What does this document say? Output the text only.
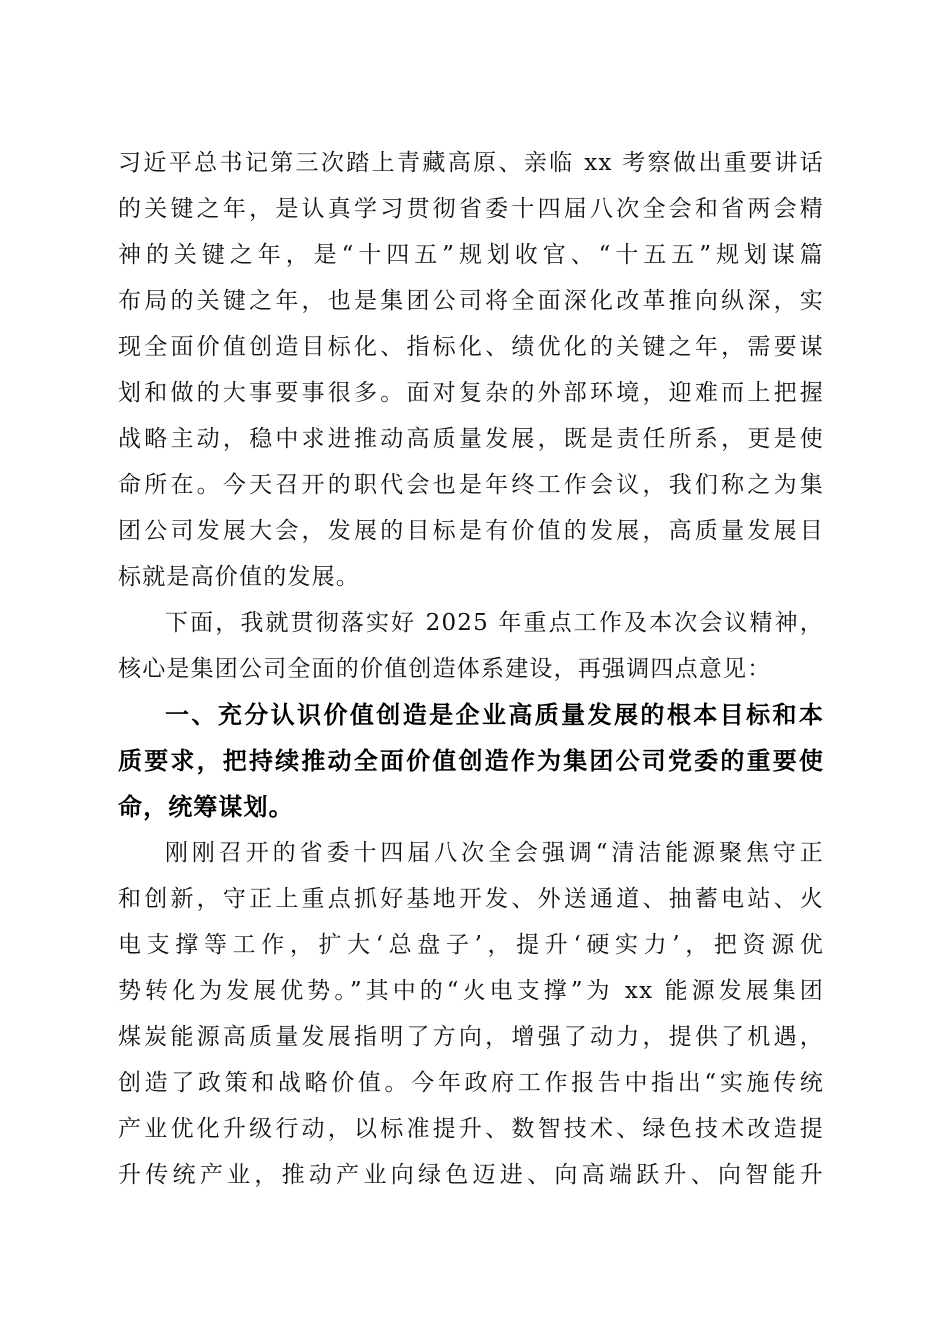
习近平总书记第三次踏上青藏高原、亲临 xx 考察做出重要讲话
的关键之年，是认真学习贯彻省委十四届八次全会和省两会精
神的关键之年，是“十四五”规划收官、“十五五”规划谋篇
布局的关键之年，也是集团公司将全面深化改革推向纵深，实
现全面价值创造目标化、指标化、绩优化的关键之年，需要谋
划和做的大事要事很多。面对复杂的外部环境，迎难而上把握
战略主动，稳中求进推动高质量发展，既是责任所系，更是使
命所在。今天召开的职代会也是年终工作会议，我们称之为集
团公司发展大会，发展的目标是有价值的发展，高质量发展目
标就是高价值的发展。

下面，我就贯彻落实好 2025 年重点工作及本次会议精神，
核心是集团公司全面的价值创造体系建设，再强调四点意见：

一、充分认识价值创造是企业高质量发展的根本目标和本
质要求，把持续推动全面价值创造作为集团公司党委的重要使
命，统筹谋划。

刚刚召开的省委十四届八次全会强调“清洁能源聚焦守正
和创新，守正上重点抓好基地开发、外送通道、抽蓄电站、火
电支撑等工作，扩大‘总盘子’，提升‘硬实力’，把资源优
势转化为发展优势。”其中的“火电支撑”为 xx 能源发展集团
煤炭能源高质量发展指明了方向，增强了动力，提供了机遇，
创造了政策和战略价值。今年政府工作报告中指出“实施传统
产业优化升级行动，以标准提升、数智技术、绿色技术改造提
升传统产业，推动产业向绿色迈进、向高端跃升、向智能升
